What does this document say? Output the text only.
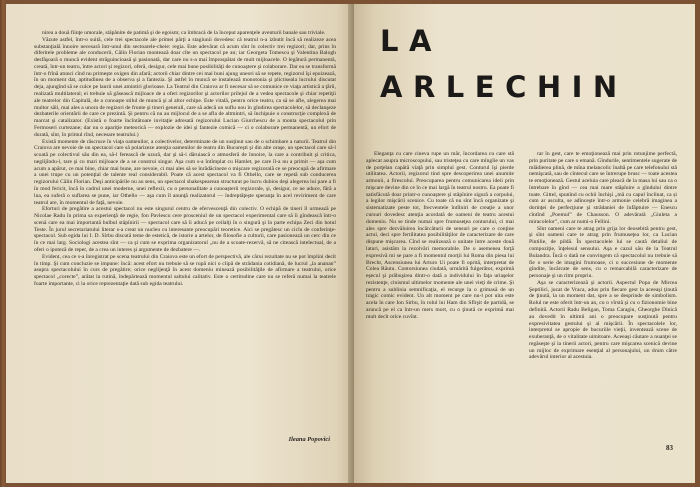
nirea a două fiinţe umorale, stăpânite de patimă şi de egoism; ca îmbracă de la început aparenţele aventurii banale sau triviale.

Văzute astfel, într-o suită, cele trei spectacole ale primei părţi a stagiunii dovedesc că teatrul n-a izbutit încă să realizeze acea substanţială înnoire necesară într-unul din sectoarele-cheie: regia. Este adevărat că acum sînt în colectiv trei regizori; dar, prins în diferitele probleme ale conducerii, Călin Florian montează doar cîte un spectacol pe an; iar Georgeta Tomescu şi Valentina Balogh desfăşoară o muncă evident străguincioasă şi pasionată, dar care nu s-a mai împrospătat de mult mijloacele. O legătură permanentă, creată, într-un teatru, între actori şi regizori, oferă, desigur, cele mai bune posibilităţi de cunoaştere şi colaborare. Dar ea se transformă într-o frînă atunci cînd nu primeşte oxigen din afară; actorii chiar dintre cei mai buni ajung uneori să se repete, regizorul îşi epuizează, în un moment dat, aptitudinea de a observa şi a fantezia. Şi astfel în muncă se instalează monotonia şi plictiseala lucrului discutat deja, ajungînd să se culce pe laurii unei amintiri glorioase. La Teatrul din Craiova ar fi necesar să se comunice ce viaţa artistică a ţării, realizată multilateral; ei trebuie să găsească mijloace de a oferi regizorilor şi actorilor prilejul de a vedea spectacole şi chiar repetiţii ale teatrelor din Capitală, de a cunoaşte stilul de muncă şi al altor echipe. Este vitală, pentru orice teatru, ca să se afle, alegerea mai multor săli, mai ales a unora de regizori de frunte şi tineri generali, care să adecă un suflu nou în gîndirea spectacolelor, să declanşeze dezbaterile orientării de care ce prezintă. Şi pentru că nu au mijlocul de a se afla de altmintri, să închipuie o construcţie complexă de marcat şi catalizator. (Există o foarte încîntătoare invitaţie adresată regizorului Lucian Giurchescu de a monta spectacolul prin Fermoseri curtezane; dar nu o apariţie meteorică — explozie de idei şi fantezie comică — ci o colaborare permanentă, un efort de durată, sînt, în primul rînd, necesare teatrului.)

Există momente de răscruce în viaţa oamenilor, a colectivelor, determinate de un susţinut sau de o schimbare a naturii. Teatrul din Craiova are nevoie de un spectacol care să polarizeze atenţia oamenilor de teatru din Bucureşti şi din alte oraşe, un spectacol care să-l scoată pe colectivul său din ea, să-l ferească de uzură, dar şi să-i dăruiască o atmosferă de înnoire, la care a contribuit şi critica, neglijîndu-l, tare şi cu mari mijloace de a se construi singur. Aşa cum s-a întîmplat cu Hamlet, pe care îl-a nu a primit — aşa cum acum a apărut, ce mai bine, chiar mai bune, are nevoie, ci mai ales să se înrădăcineze o mişcare regizorală ce se preocupă de afirmare a unei trupe cu un potenţial de talente real considerabil. Poate că acest spectacol va fi Othello, care se repetă sub conducerea regizorului Călin Florian. Deşi anticipările nu au sens, un spectacol shakespearean structurat pe lucru dubios deşi alegerea lui pare a fi în mod fericit, încă în cadrul unei moderne, unei reflexii, cu o personalitate a cunoaşterii regizorale, şi, desigur, ce ne aduce, fără a lua, ea suferă o suflarea se pune, iar Othello — aşa cum îl anunţă realizatorul — îndreptăţeşte speranţa în acel reviriment de care teatrul are, în momentul de faţă, nevoie.

Eforturi de pregătire a acestui spectacol nu este singurul centru de efervescenţă din colectiv. O echipă de tineri îl urmează pe Nicolae Radu în prima sa experienţă de regie, fon Pavlescu cere prosceniul de un spectacol experimental care să îi gîndească într-o scenă care ea mai importantă bulbul stăpînirii — spectacol care să îi aducă pe ceilalţi în o singură şi în parte echipa Zeci din hotul Teste. În jurul secretariatului literar s-a creat un nucleu cu interesante preocupări teoretice. Aici se pregătesc un ciclu de conferinţe-spectacol. Sub egida lui I. D. Sîrbu discută teme de estetică, de istorie a artelor, de filosofie a culturii, care pasionează un cerc din ce în ce mai larg. Sociologi acestea sînt — ca şi cum se exprima organizatorul „nu de a scoate-rezervă, să ne citească intelectual, de a oferi o ipoteză de reper, de a crea un interes şi argumente de dezbatere —.

Evident, cea ce s-a înregistrat pe scena teatrului din Craiova este un efort de perspectivă, ale cărui rezultate nu se pot împlini decît în timp. Şi cum concluzie se impune: încă: acest efort nu trebuie să se rupă nici o clipă de strădania cotidiană, de lucrul „la ananan” asupra spectacolului în curs de pregătire; orice neglijenţă în acest domeniu minează posibilităţile de afirmare a teatrului, orice spectacol „corecte”, arătat la rutină, îndepărtează momentul saltului calitativ. Este o certitudine care nu se referă numai la teatrele foarte importante, ci la orice reprezentaţie dată sub egida teatrului.

Ileana Popovici
LA
ARLECHIN

Eleganţa cu care cineva rupe un măr, încordarea cu care stă aplecat asupra microscopului, sau tristeţea cu care mîngîie un vas de porţelan capătă viaţă prin simplul gest. Conturul îşi pierde utilitatea. Actorii, regizorul tind spre descoperirea unei anumite armonii, a firescului. Preocuparea pentru comunicarea ideii prin mişcare devine din ce în ce mai largă în teatrul nostru. Ea poate fi satisfăcută doar printr-o cunoaştere şi stăpînire sigură a corpului, a legilor mişcării scenice. Cu toate că nu sînt încă organizate şi sistematizate peste tot, frecventele întîlniri de creaţie a unor cursuri dovedesc atenţia acordată de oameni de teatru acestui domeniu. Nu se tinde numai spre frumuseţea conturului, ci mai ales spre dezvăluirea încărcăturii de sensuri pe care o conţine actul, deci spre fertilitatea posibilităţilor de caracterizare de care dispune mişcarea. Cînd se realizează o unitate între aceste două laturi, asistăm la rezolvări memorabile. De o asemenea forţă expresivă mi se pare a fi momentul morţii lui Roma din piesa lui Brecht, Ascensiunea lui Arturo Ui poate fi oprită, interpretat de Colea Răutu. Contorsiunea ciudată, urmărită fulgerător, exprimă eşecul şi prăbuşirea dintr-o dată a individului în faţa uriaşelor rezistenţe, cinismul ultimelor momente ale unei vieţi de crime. Şi pentru a sublinia semnificaţia, el recurge la o grimasă de un tragic comic evident. Un alt moment pe care nu-l pot uita este acela în care Ion Sirbu, în rolul lui Ham din Sfîrşit de partidă, se aruncă pe el ca într-un mers mort, cu o ţinută ce exprimă mai mult decît orice cuvînt.

rar în gest, care te emoţionează mai prin rotunjime perfectă, prin puritate pe care o emană. Gîndurile, sentimentele sugerate de mlădierea plină, de mîna melancolic înaltă pe care telefonului stă nemişcată, sau de cîntecul care se întrerupe brusc — toate acestea te emoţionează. Gestul aceluia care pleacă de la masa lui sau ca o întrebare în gînd — cea mai mare stăpînire a gîndului dintre toate. Gittel, spunînd cu ochii închişi „mă cu capul înclinat, ca și cum ar asculta, se adînceşte într-o armonie celebră imaginea a dorinţei de perfecţiune şi strădaniei de înfăptuire — Enescu cîntînd „Poemul” de Chausson. O adevărată „Giuleta a miracolelor”, cum ar numi-o Fellini.

Sînt oameni care te atrag prin grija lor deosebită pentru gest, şi sînt oameni care te atrag prin frumuseţea lor, ca Lucian Pintilie, de pildă. În spectacolele lui se caută detaliul de compoziţie, înţelesul sensului. Aşa e cazul său de la Teatrul Bulandra. Încă o dată ne convingem că spectacolul nu trebuie să fie o serie de imagini frumoase, ci o succesiune de momente gîndite, încărcate de sens, cu o remarcabilă caracterizare de personaje şi un ritm propriu.

Aşa se caracterizează şi actorii. Aspectul Popa de Mircea Şeptilici, jucat de Vraca, adus prin fiecare gest la aceeaşi ţinută de ţinută, la un moment dat, spre a se desprinde de simbolism. Rolul ne este oferit într-un an, cu o vîrstă şi cu o fizionomie bine definită. Actorii Radu Beligan, Toma Caragiu, Gheorghe Dinică au dovedit în ultimii ani o preocupare susţinută pentru expresivitatea gestului şi al mişcării. În spectacolele lor, interpretul se apropie de bucuriile vieţii, inventează scene de exuberanţă, de o vitalitate uimitoare. Aceeaşi căutare a nuanţei se regăseşte şi la tinerii actori, pentru care mişcarea scenică devine un mijloc de exprimare esenţial al personajului, un drum către adevărul interior al acestuia.

83
